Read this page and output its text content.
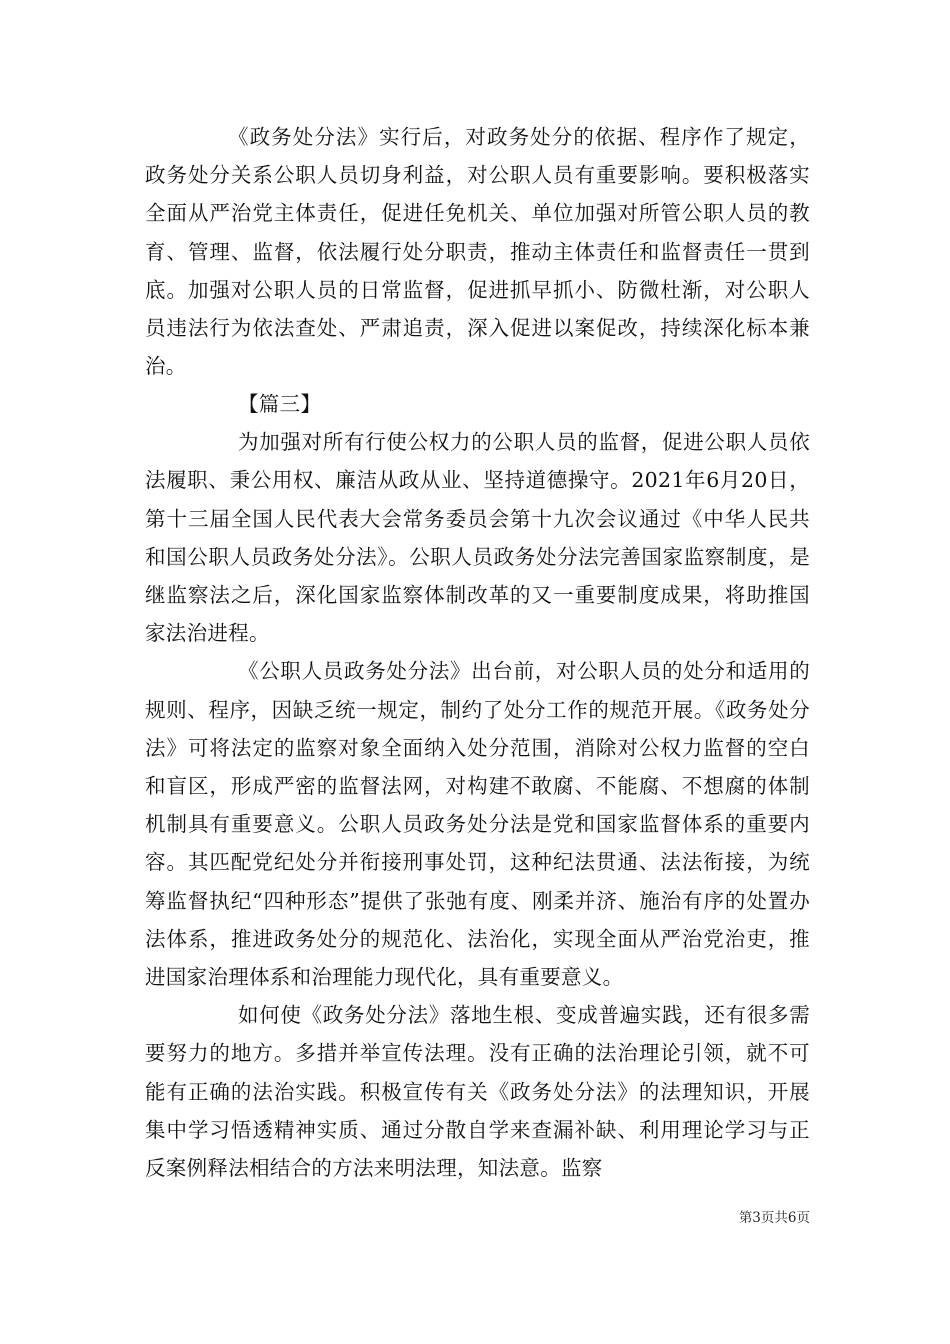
《政务处分法》实行后，对政务处分的依据、程序作了规定，政务处分关系公职人员切身利益，对公职人员有重要影响。要积极落实全面从严治党主体责任，促进任免机关、单位加强对所管公职人员的教育、管理、监督，依法履行处分职责，推动主体责任和监督责任一贯到底。加强对公职人员的日常监督，促进抓早抓小、防微杜渐，对公职人员违法行为依法查处、严肃追责，深入促进以案促改，持续深化标本兼治。

【篇三】

为加强对所有行使公权力的公职人员的监督，促进公职人员依法履职、秉公用权、廉洁从政从业、坚持道德操守。2021年6月20日，第十三届全国人民代表大会常务委员会第十九次会议通过《中华人民共和国公职人员政务处分法》。公职人员政务处分法完善国家监察制度，是继监察法之后，深化国家监察体制改革的又一重要制度成果，将助推国家法治进程。

《公职人员政务处分法》出台前，对公职人员的处分和适用的规则、程序，因缺乏统一规定，制约了处分工作的规范开展。《政务处分法》可将法定的监察对象全面纳入处分范围，消除对公权力监督的空白和盲区，形成严密的监督法网，对构建不敢腐、不能腐、不想腐的体制机制具有重要意义。公职人员政务处分法是党和国家监督体系的重要内容。其匹配党纪处分并衔接刑事处罚，这种纪法贯通、法法衔接，为统筹监督执纪“四种形态”提供了张弛有度、刚柔并济、施治有序的处置办法体系，推进政务处分的规范化、法治化，实现全面从严治党治吏，推进国家治理体系和治理能力现代化，具有重要意义。

如何使《政务处分法》落地生根、变成普遍实践，还有很多需要努力的地方。多措并举宣传法理。没有正确的法治理论引领，就不可能有正确的法治实践。积极宣传有关《政务处分法》的法理知识，开展集中学习悟透精神实质、通过分散自学来查漏补缺、利用理论学习与正反案例释法相结合的方法来明法理，知法意。监察

第3页共6页
